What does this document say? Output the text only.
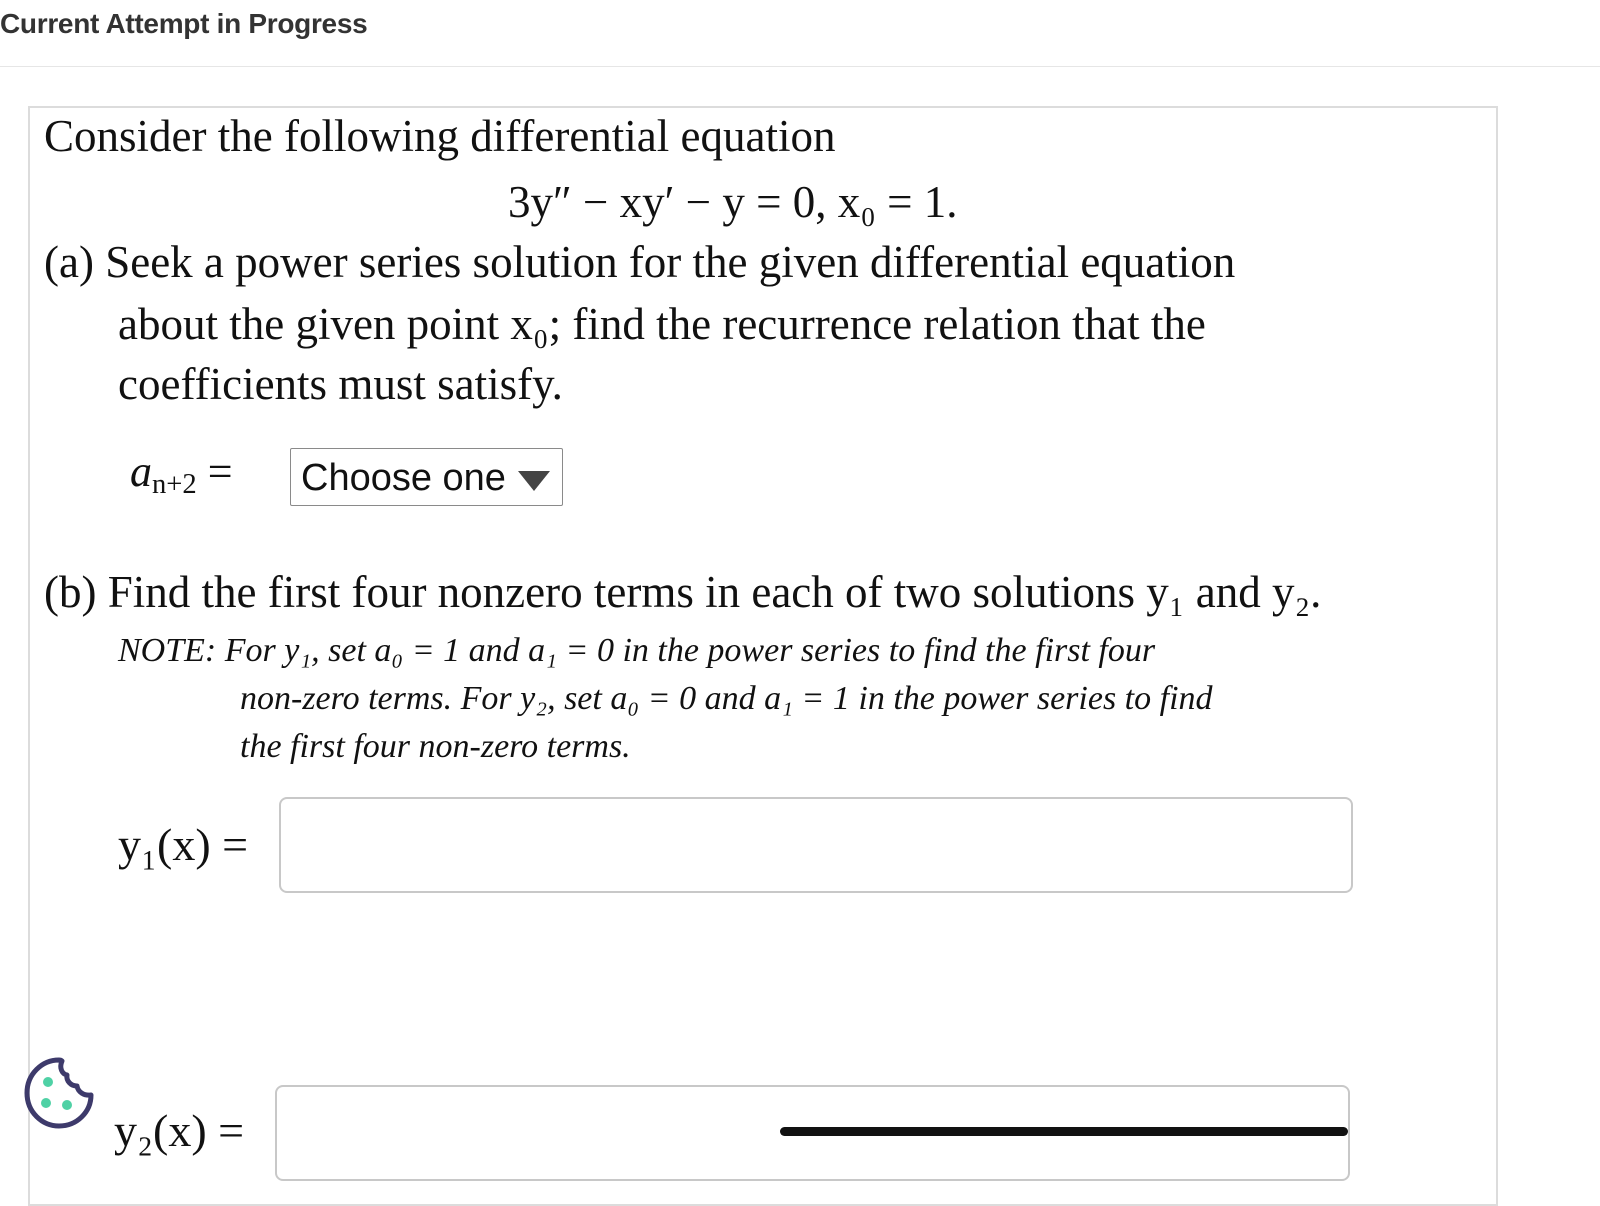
Current Attempt in Progress
Consider the following differential equation
3y″ − xy′ − y = 0, x₀ = 1.
(a) Seek a power series solution for the given differential equation
about the given point x₀; find the recurrence relation that the
coefficients must satisfy.
$a_{n+2}$ = Choose one
(b) Find the first four nonzero terms in each of two solutions y₁ and y₂.
NOTE: For y₁, set a₀ = 1 and a₁ = 0 in the power series to find the first four
non-zero terms. For y₂, set a₀ = 0 and a₁ = 1 in the power series to find
the first four non-zero terms.
y₁(x) =
y₂(x) =
